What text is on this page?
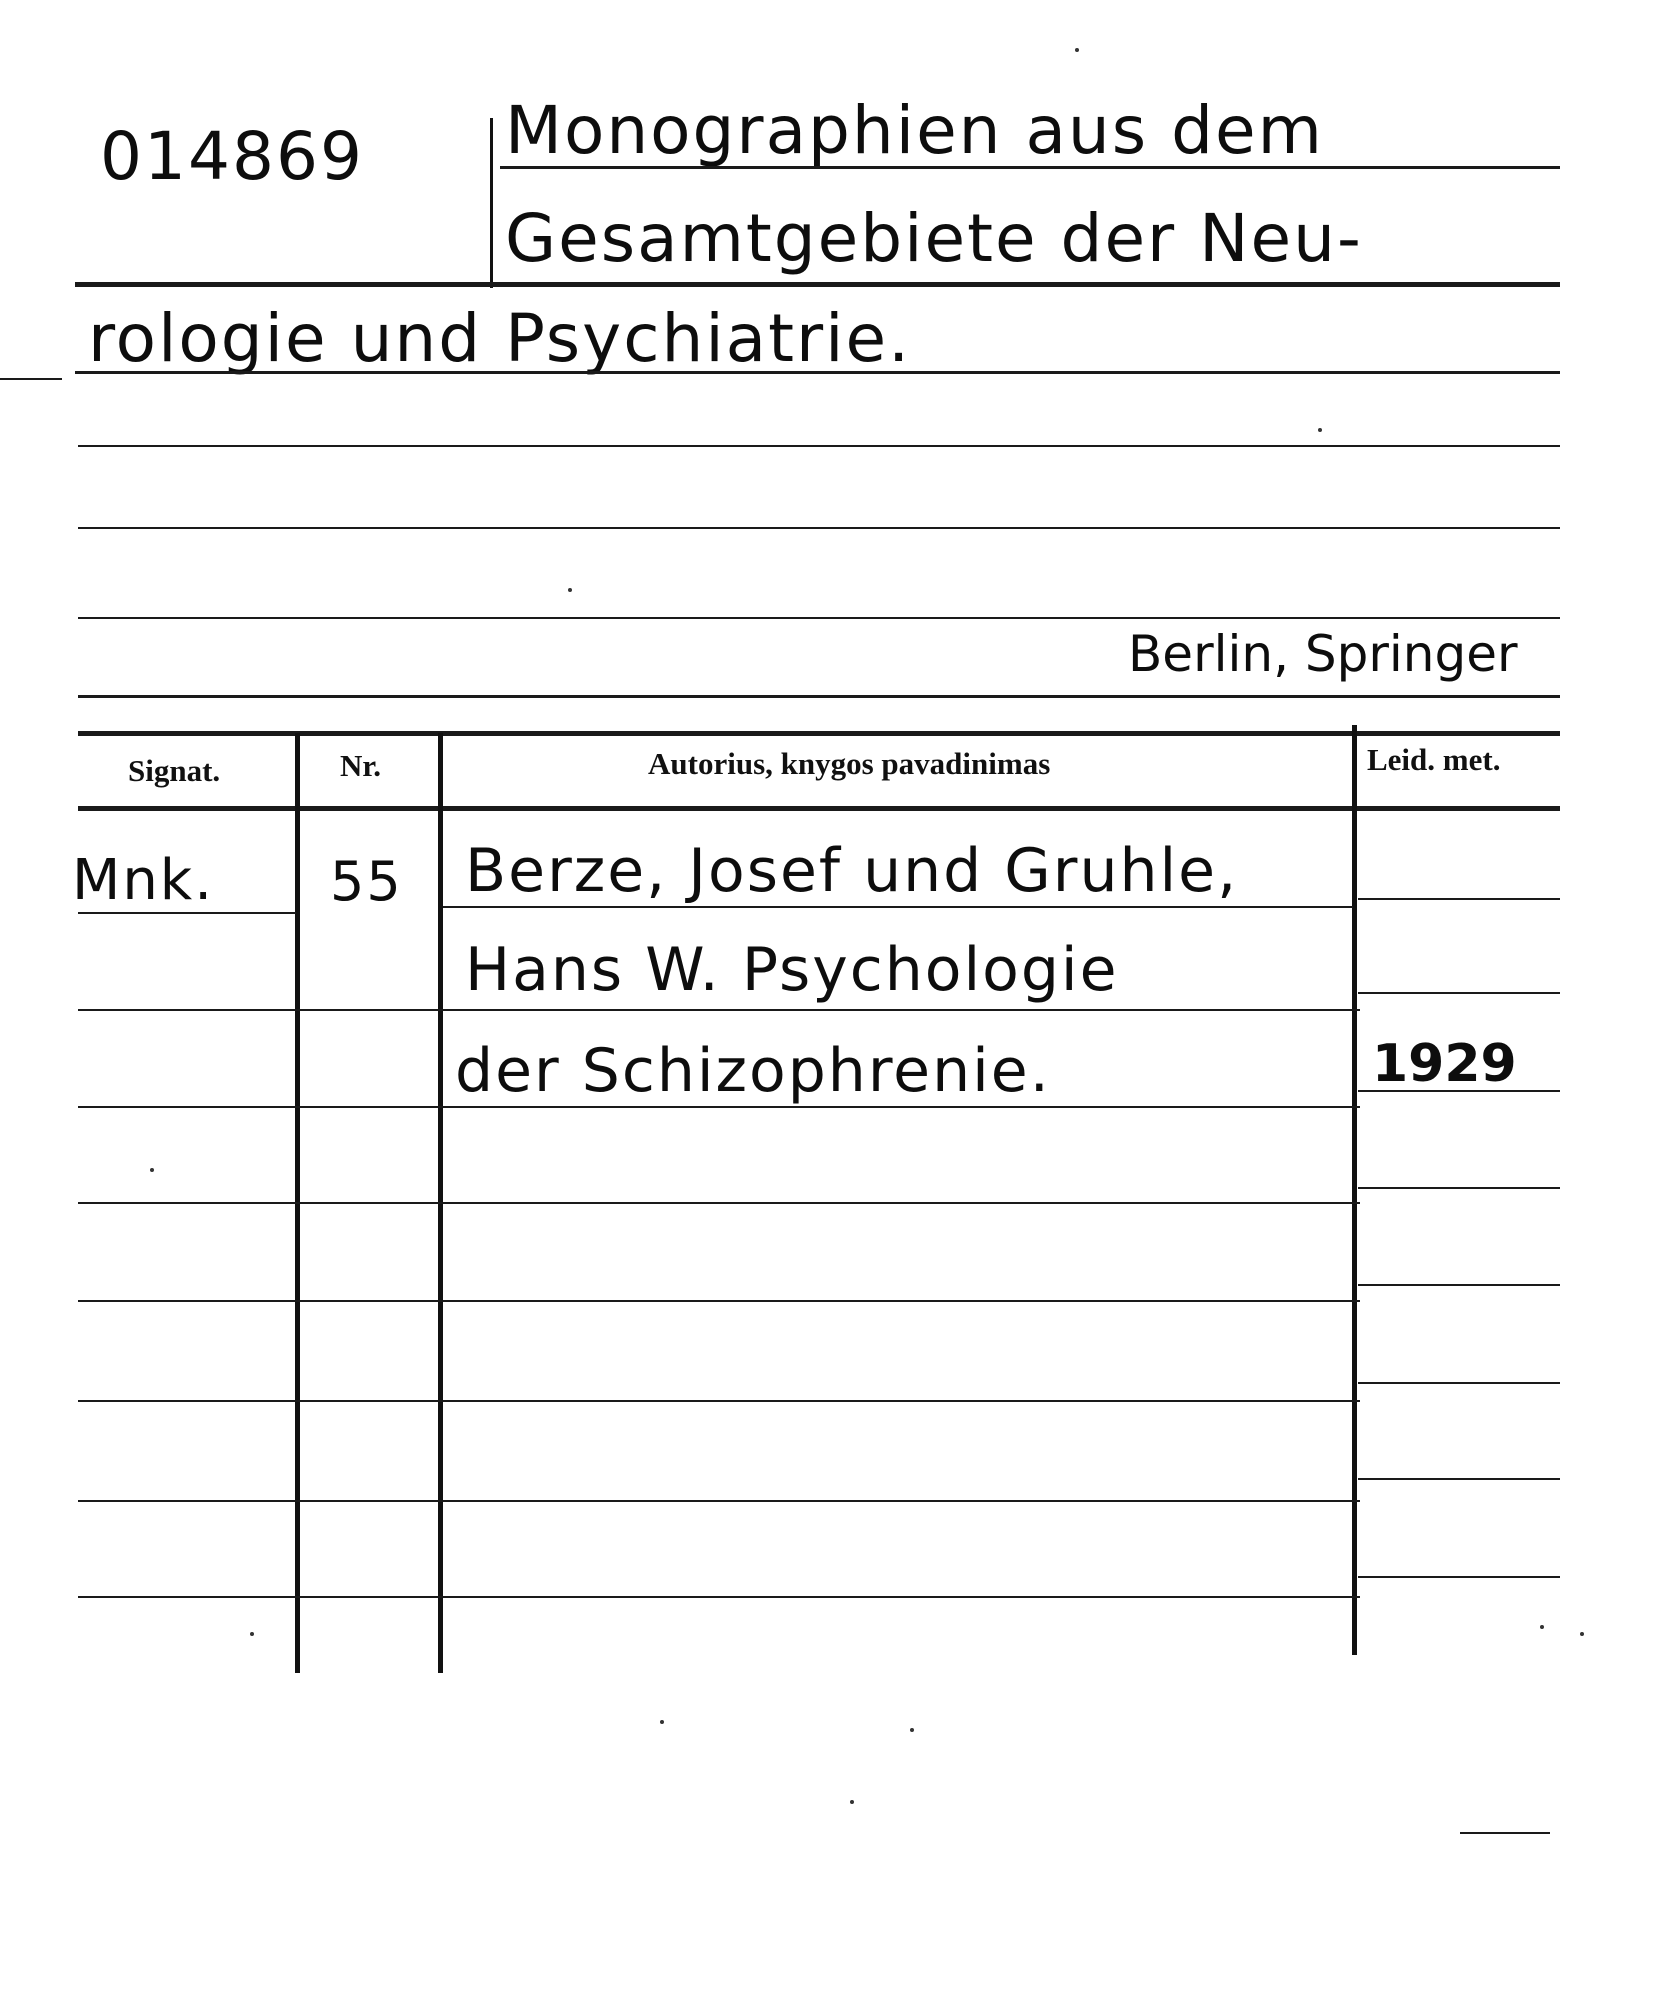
014869 Monographien aus dem
Gesamtgebiete der Neu-
rologie und Psychiatrie.
Berlin, Springer
Signat.	Nr.	Autorius, knygos pavadinimas	Leid. met.
Mnk. 55 Berze, Josef und Gruhle,
Hans W. Psychologie
der Schizophrenie.	1929
